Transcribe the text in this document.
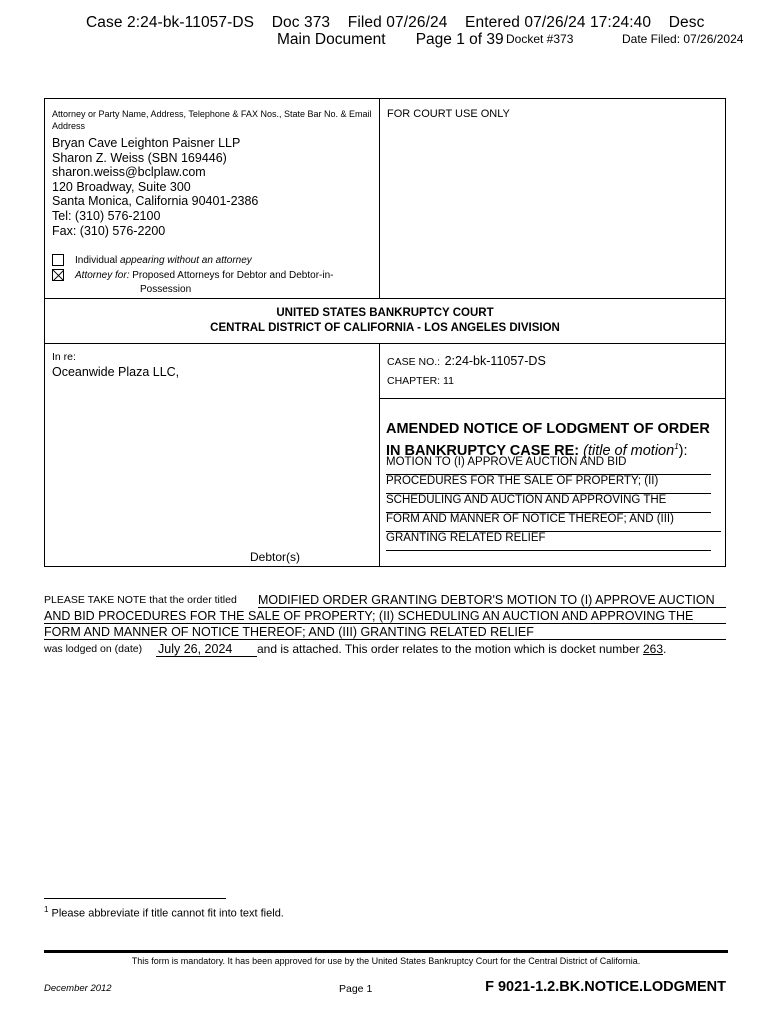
Case 2:24-bk-11057-DS    Doc 373    Filed 07/26/24    Entered 07/26/24 17:24:40    Desc
Main Document       Page 1 of 39 Docket #373	Date Filed: 07/26/2024
Attorney or Party Name, Address, Telephone & FAX Nos., State Bar No. & Email Address
Bryan Cave Leighton Paisner LLP
Sharon Z. Weiss (SBN 169446)
sharon.weiss@bclplaw.com
120 Broadway, Suite 300
Santa Monica, California 90401-2386
Tel: (310) 576-2100
Fax: (310) 576-2200
Individual appearing without an attorney
Attorney for: Proposed Attorneys for Debtor and Debtor-in-
Possession
FOR COURT USE ONLY
UNITED STATES BANKRUPTCY COURT
CENTRAL DISTRICT OF CALIFORNIA - LOS ANGELES DIVISION
In re:
Oceanwide Plaza LLC,
Debtor(s)
CASE NO.: 2:24-bk-11057-DS
CHAPTER: 11
AMENDED NOTICE OF LODGMENT OF ORDER
IN BANKRUPTCY CASE RE: (title of motion$^1$):
MOTION TO (I) APPROVE AUCTION AND BID
PROCEDURES FOR THE SALE OF PROPERTY; (II)
SCHEDULING AND AUCTION AND APPROVING THE
FORM AND MANNER OF NOTICE THEREOF; AND (III)
GRANTING RELATED RELIEF
PLEASE TAKE NOTE that the order titled MODIFIED ORDER GRANTING DEBTOR'S MOTION TO (I) APPROVE AUCTION
AND BID PROCEDURES FOR THE SALE OF PROPERTY; (II) SCHEDULING AN AUCTION AND APPROVING THE
FORM AND MANNER OF NOTICE THEREOF; AND (III) GRANTING RELATED RELIEF
was lodged on (date) July 26, 2024	and is attached. This order relates to the motion which is docket number 263.
$^1$ Please abbreviate if title cannot fit into text field.
This form is mandatory. It has been approved for use by the United States Bankruptcy Court for the Central District of California.
December 2012	Page 1	F 9021-1.2.BK.NOTICE.LODGMENT
